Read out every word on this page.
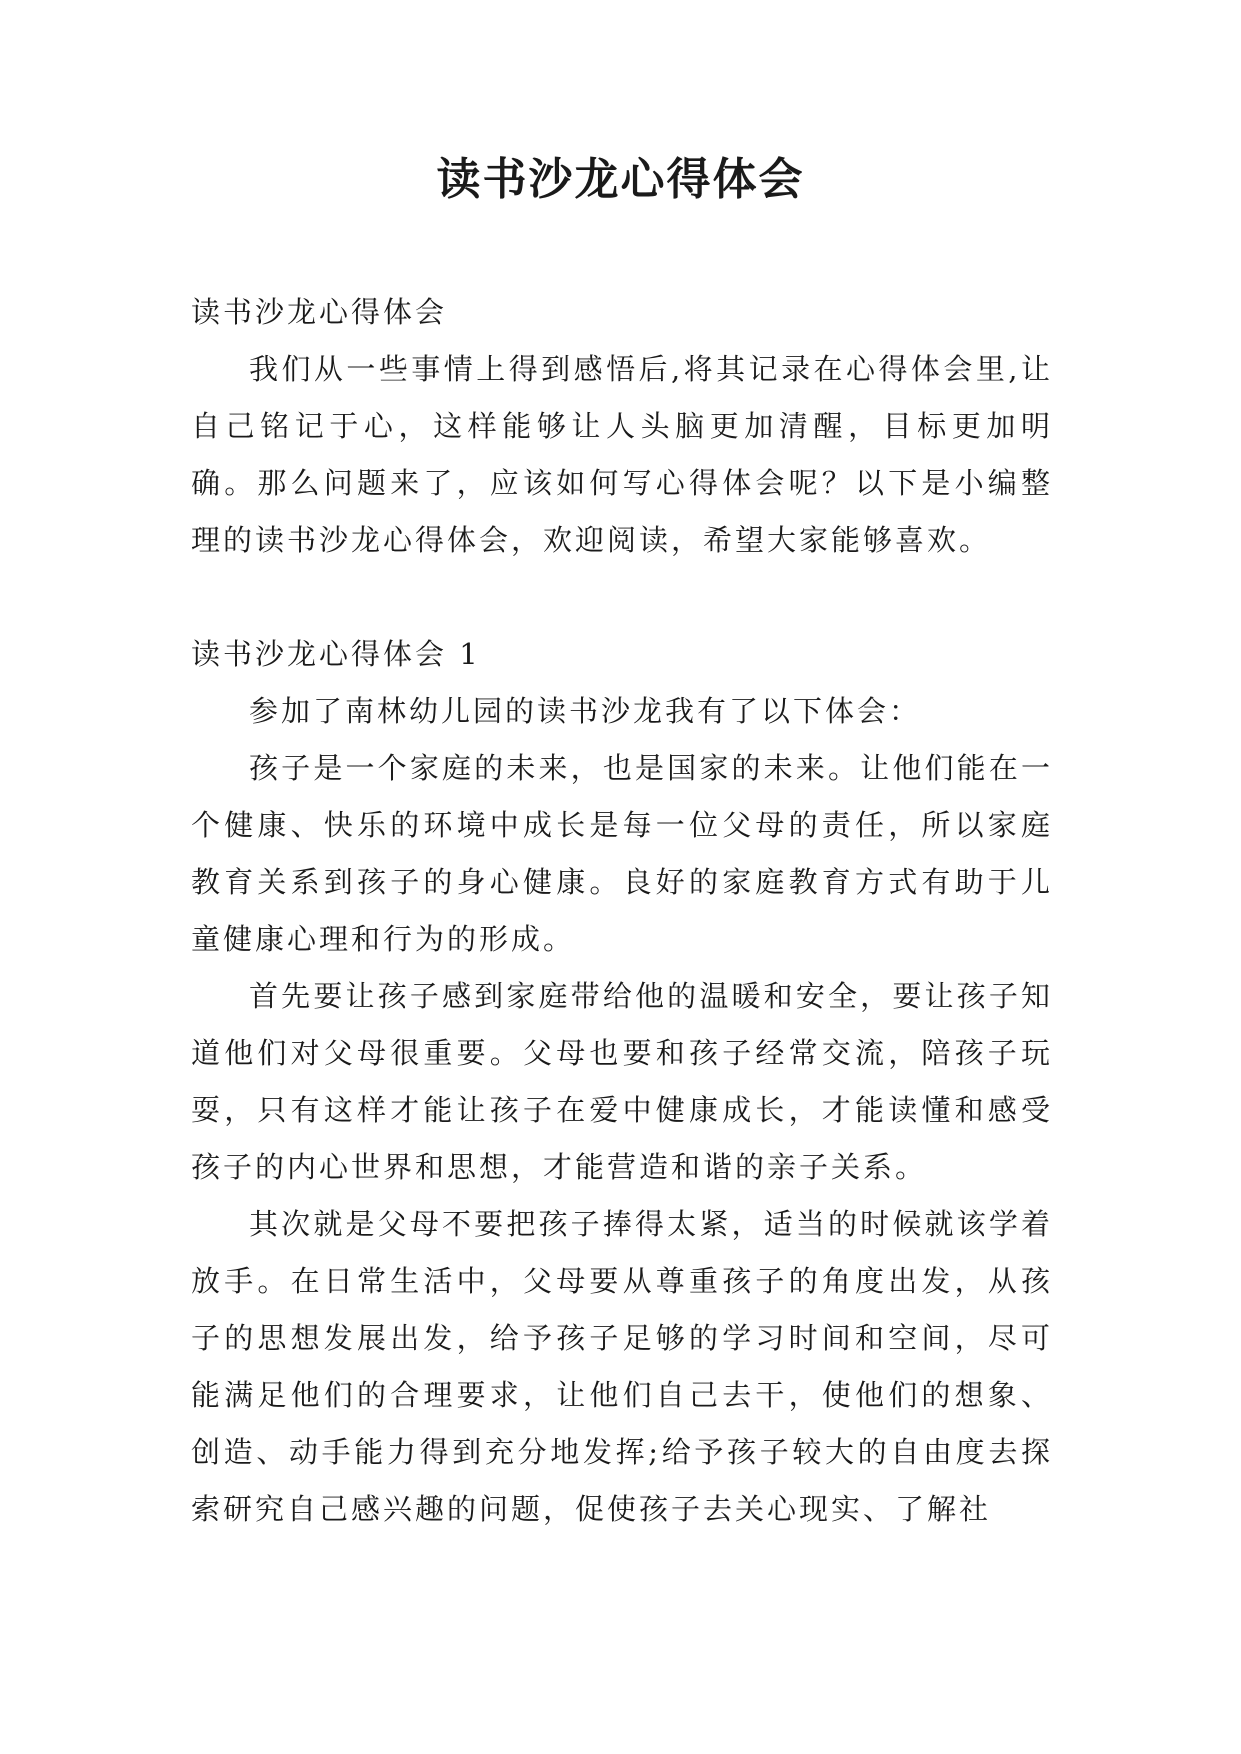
读书沙龙心得体会

读书沙龙心得体会

我们从一些事情上得到感悟后,将其记录在心得体会里,让自己铭记于心，这样能够让人头脑更加清醒，目标更加明确。那么问题来了，应该如何写心得体会呢？以下是小编整理的读书沙龙心得体会，欢迎阅读，希望大家能够喜欢。

读书沙龙心得体会 1

参加了南林幼儿园的读书沙龙我有了以下体会：

孩子是一个家庭的未来，也是国家的未来。让他们能在一个健康、快乐的环境中成长是每一位父母的责任，所以家庭教育关系到孩子的身心健康。良好的家庭教育方式有助于儿童健康心理和行为的形成。

首先要让孩子感到家庭带给他的温暖和安全，要让孩子知道他们对父母很重要。父母也要和孩子经常交流，陪孩子玩耍，只有这样才能让孩子在爱中健康成长，才能读懂和感受孩子的内心世界和思想，才能营造和谐的亲子关系。

其次就是父母不要把孩子捧得太紧，适当的时候就该学着放手。在日常生活中，父母要从尊重孩子的角度出发，从孩子的思想发展出发，给予孩子足够的学习时间和空间，尽可能满足他们的合理要求，让他们自己去干，使他们的想象、创造、动手能力得到充分地发挥;给予孩子较大的自由度去探索研究自己感兴趣的问题，促使孩子去关心现实、了解社
